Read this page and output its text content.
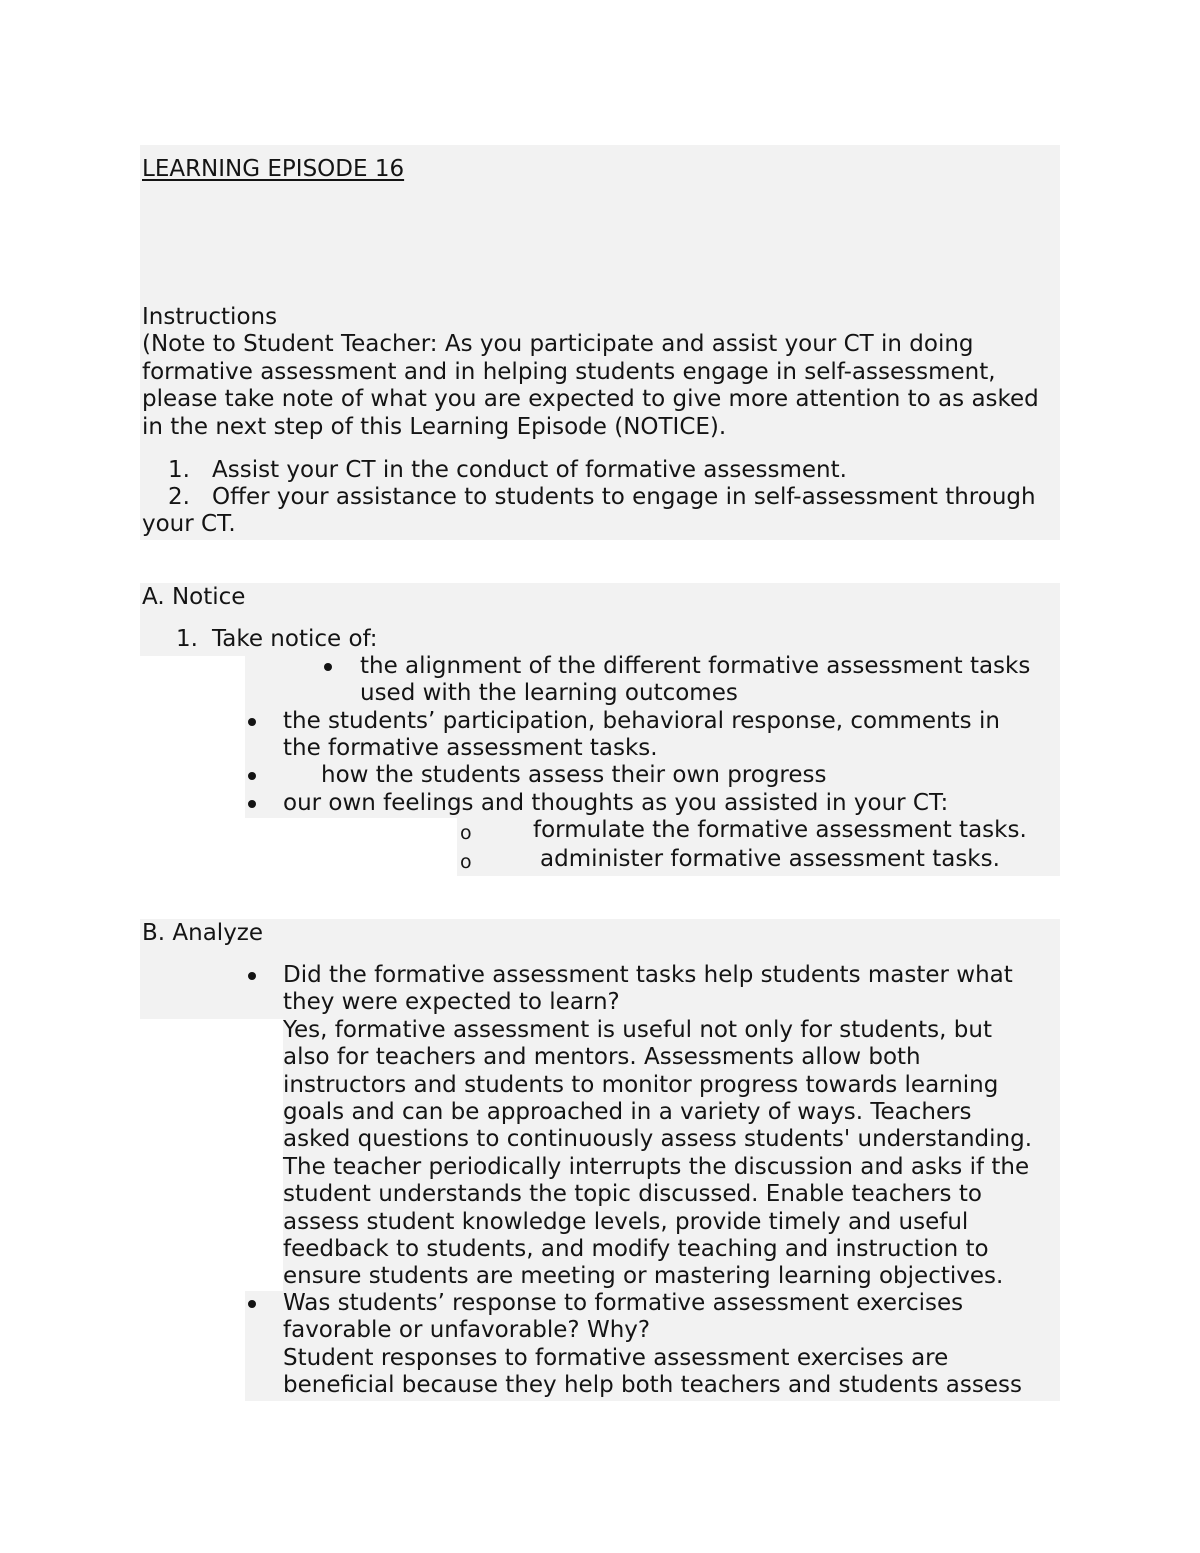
LEARNING EPISODE 16
Instructions
(Note to Student Teacher: As you participate and assist your CT in doing
formative assessment and in helping students engage in self-assessment,
please take note of what you are expected to give more attention to as asked
in the next step of this Learning Episode (NOTICE).
1. Assist your CT in the conduct of formative assessment.
2. Offer your assistance to students to engage in self-assessment through
your CT.
A. Notice
1. Take notice of:
the alignment of the different formative assessment tasks
used with the learning outcomes
the students’ participation, behavioral response, comments in
the formative assessment tasks.
how the students assess their own progress
our own feelings and thoughts as you assisted in your CT:
o	formulate the formative assessment tasks.
o	administer formative assessment tasks.
B. Analyze
Did the formative assessment tasks help students master what
they were expected to learn?
Yes, formative assessment is useful not only for students, but
also for teachers and mentors. Assessments allow both
instructors and students to monitor progress towards learning
goals and can be approached in a variety of ways. Teachers
asked questions to continuously assess students' understanding.
The teacher periodically interrupts the discussion and asks if the
student understands the topic discussed. Enable teachers to
assess student knowledge levels, provide timely and useful
feedback to students, and modify teaching and instruction to
ensure students are meeting or mastering learning objectives.
Was students’ response to formative assessment exercises
favorable or unfavorable? Why?
Student responses to formative assessment exercises are
beneficial because they help both teachers and students assess
